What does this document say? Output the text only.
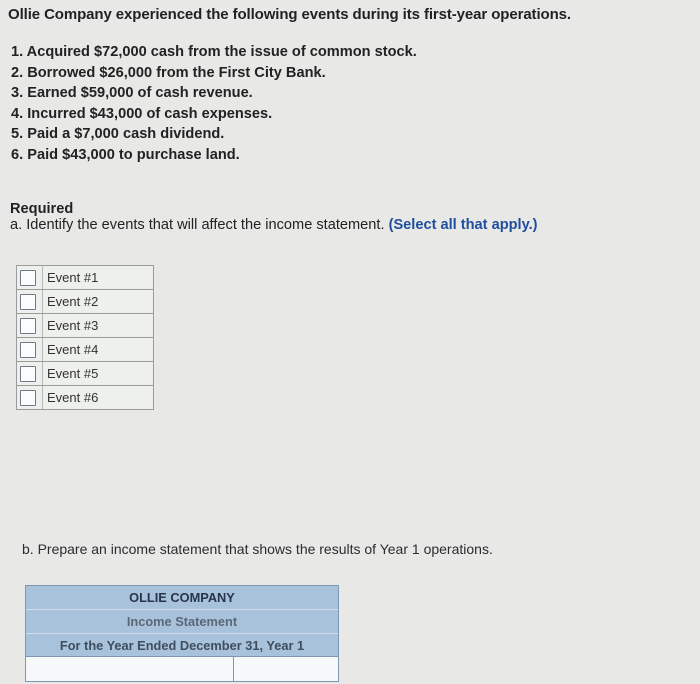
Ollie Company experienced the following events during its first-year operations.
1. Acquired $72,000 cash from the issue of common stock.
2. Borrowed $26,000 from the First City Bank.
3. Earned $59,000 of cash revenue.
4. Incurred $43,000 of cash expenses.
5. Paid a $7,000 cash dividend.
6. Paid $43,000 to purchase land.
Required
a. Identify the events that will affect the income statement. (Select all that apply.)
Event #1
Event #2
Event #3
Event #4
Event #5
Event #6
b. Prepare an income statement that shows the results of Year 1 operations.
OLLIE COMPANY
Income Statement
For the Year Ended December 31, Year 1
